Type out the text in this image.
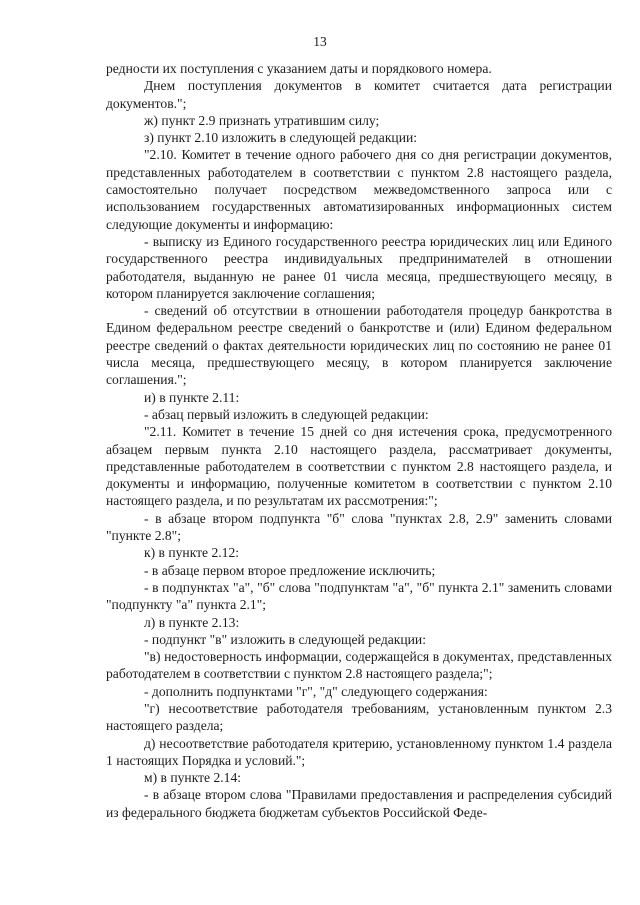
13

редности их поступления с указанием даты и порядкового номера.

Днем поступления документов в комитет считается дата регистрации документов.";

ж) пункт 2.9 признать утратившим силу;

з) пункт 2.10 изложить в следующей редакции:

"2.10. Комитет в течение одного рабочего дня со дня регистрации документов, представленных работодателем в соответствии с пунктом 2.8 настоящего раздела, самостоятельно получает посредством межведомственного запроса или с использованием государственных автоматизированных информационных систем следующие документы и информацию:

- выписку из Единого государственного реестра юридических лиц или Единого государственного реестра индивидуальных предпринимателей в отношении работодателя, выданную не ранее 01 числа месяца, предшествующего месяцу, в котором планируется заключение соглашения;

- сведений об отсутствии в отношении работодателя процедур банкротства в Едином федеральном реестре сведений о банкротстве и (или) Едином федеральном реестре сведений о фактах деятельности юридических лиц по состоянию не ранее 01 числа месяца, предшествующего месяцу, в котором планируется заключение соглашения.";

и) в пункте 2.11:

- абзац первый изложить в следующей редакции:

"2.11. Комитет в течение 15 дней со дня истечения срока, предусмотренного абзацем первым пункта 2.10 настоящего раздела, рассматривает документы, представленные работодателем в соответствии с пунктом 2.8 настоящего раздела, и документы и информацию, полученные комитетом в соответствии с пунктом 2.10 настоящего раздела, и по результатам их рассмотрения:";

- в абзаце втором подпункта "б" слова "пунктах 2.8, 2.9" заменить словами "пункте 2.8";

к) в пункте 2.12:

- в абзаце первом второе предложение исключить;

- в подпунктах "а", "б" слова "подпунктам "а", "б" пункта 2.1" заменить словами "подпункту "а" пункта 2.1";

л) в пункте 2.13:

- подпункт "в" изложить в следующей редакции:

"в) недостоверность информации, содержащейся в документах, представленных работодателем в соответствии с пунктом 2.8 настоящего раздела;";

- дополнить подпунктами "г", "д" следующего содержания:

"г) несоответствие работодателя требованиям, установленным пунктом 2.3 настоящего раздела;

д) несоответствие работодателя критерию, установленному пунктом 1.4 раздела 1 настоящих Порядка и условий.";

м) в пункте 2.14:

- в абзаце втором слова "Правилами предоставления и распределения субсидий из федерального бюджета бюджетам субъектов Российской Феде-
